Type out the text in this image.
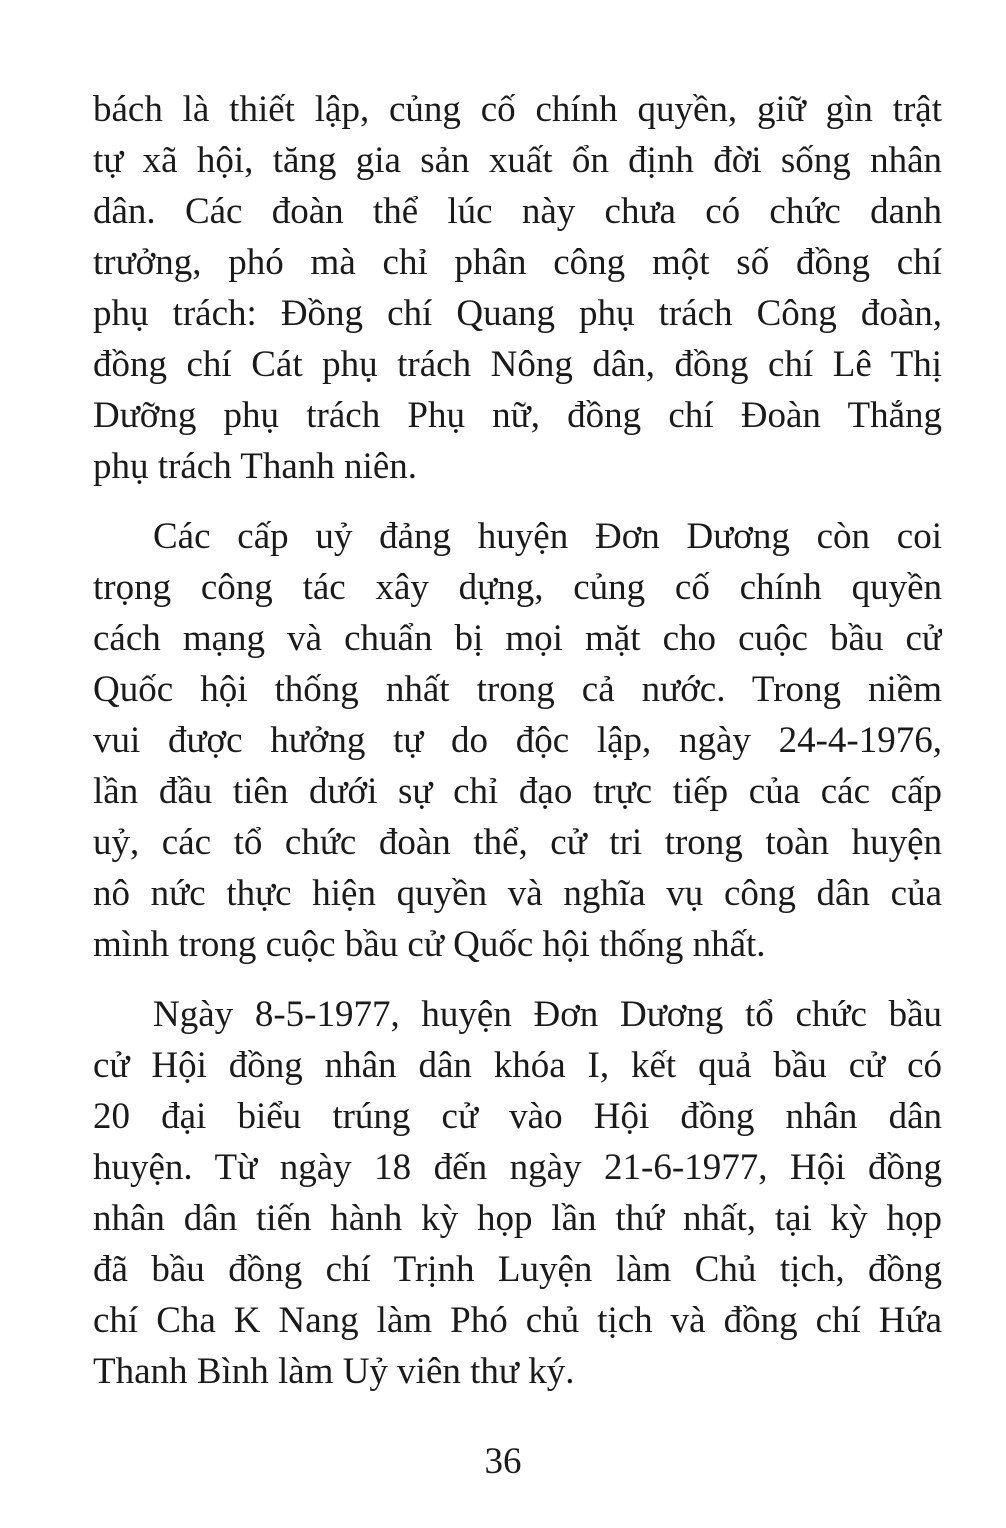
bách là thiết lập, củng cố chính quyền, giữ gìn trật
tự xã hội, tăng gia sản xuất ổn định đời sống nhân
dân. Các đoàn thể lúc này chưa có chức danh
trưởng, phó mà chỉ phân công một số đồng chí
phụ trách: Đồng chí Quang phụ trách Công đoàn,
đồng chí Cát phụ trách Nông dân, đồng chí Lê Thị
Dưỡng phụ trách Phụ nữ, đồng chí Đoàn Thắng
phụ trách Thanh niên.
Các cấp uỷ đảng huyện Đơn Dương còn coi
trọng công tác xây dựng, củng cố chính quyền
cách mạng và chuẩn bị mọi mặt cho cuộc bầu cử
Quốc hội thống nhất trong cả nước. Trong niềm
vui được hưởng tự do độc lập, ngày 24-4-1976,
lần đầu tiên dưới sự chỉ đạo trực tiếp của các cấp
uỷ, các tổ chức đoàn thể, cử tri trong toàn huyện
nô nức thực hiện quyền và nghĩa vụ công dân của
mình trong cuộc bầu cử Quốc hội thống nhất.
Ngày 8-5-1977, huyện Đơn Dương tổ chức bầu
cử Hội đồng nhân dân khóa I, kết quả bầu cử có
20 đại biểu trúng cử vào Hội đồng nhân dân
huyện. Từ ngày 18 đến ngày 21-6-1977, Hội đồng
nhân dân tiến hành kỳ họp lần thứ nhất, tại kỳ họp
đã bầu đồng chí Trịnh Luyện làm Chủ tịch, đồng
chí Cha K Nang làm Phó chủ tịch và đồng chí Hứa
Thanh Bình làm Uỷ viên thư ký.
36
